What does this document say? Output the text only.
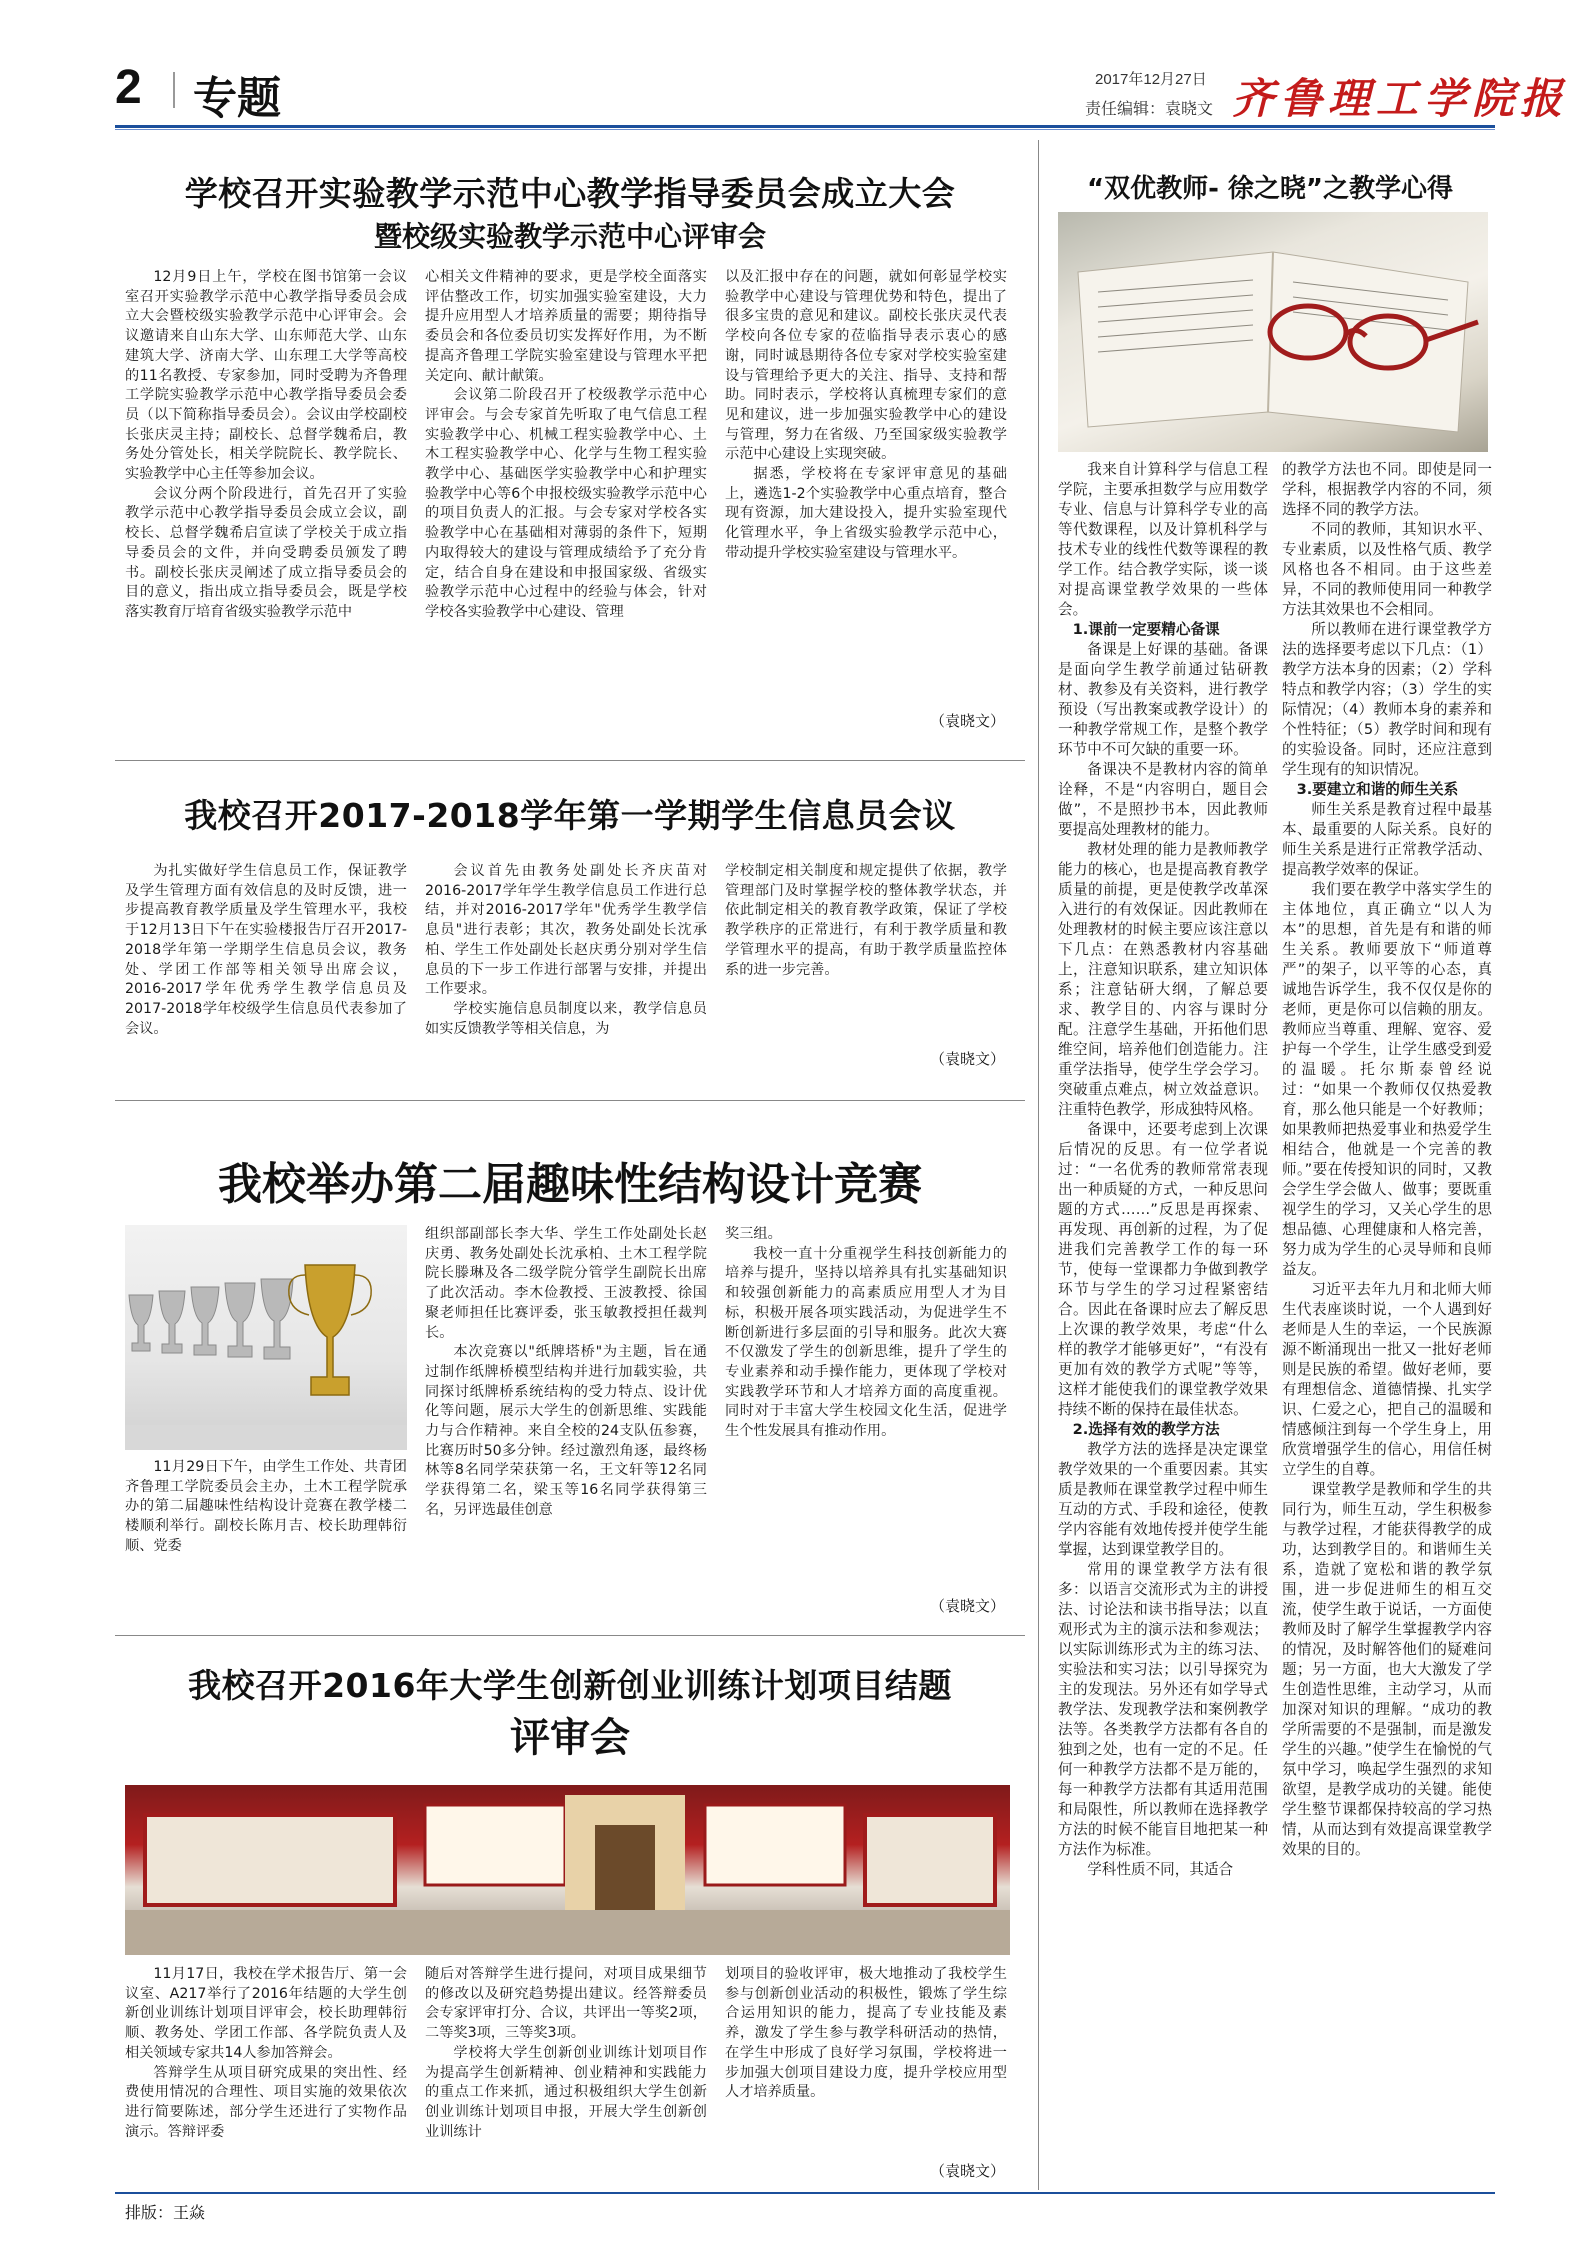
2 专题	2017年12月27日
责任编辑：袁晓文 齐鲁理工学院报
学校召开实验教学示范中心教学指导委员会成立大会
暨校级实验教学示范中心评审会

12月9日上午，学校在图书馆第一会议室召开实验教学示范中心教学指导委员会成立大会暨校级实验教学示范中心评审会。会议邀请来自山东大学、山东师范大学、山东建筑大学、济南大学、山东理工大学等高校的11名教授、专家参加，同时受聘为齐鲁理工学院实验教学示范中心教学指导委员会委员（以下简称指导委员会）。会议由学校副校长张庆灵主持；副校长、总督学魏希启，教务处分管处长，相关学院院长、教学院长、实验教学中心主任等参加会议。

会议分两个阶段进行，首先召开了实验教学示范中心教学指导委员会成立会议，副校长、总督学魏希启宣读了学校关于成立指导委员会的文件，并向受聘委员颁发了聘书。副校长张庆灵阐述了成立指导委员会的目的意义，指出成立指导委员会，既是学校落实教育厅培育省级实验教学示范中

心相关文件精神的要求，更是学校全面落实评估整改工作，切实加强实验室建设，大力提升应用型人才培养质量的需要；期待指导委员会和各位委员切实发挥好作用，为不断提高齐鲁理工学院实验室建设与管理水平把关定向、献计献策。

会议第二阶段召开了校级教学示范中心评审会。与会专家首先听取了电气信息工程实验教学中心、机械工程实验教学中心、土木工程实验教学中心、化学与生物工程实验教学中心、基础医学实验教学中心和护理实验教学中心等6个申报校级实验教学示范中心的项目负责人的汇报。与会专家对学校各实验教学中心在基础相对薄弱的条件下，短期内取得较大的建设与管理成绩给予了充分肯定，结合自身在建设和申报国家级、省级实验教学示范中心过程中的经验与体会，针对学校各实验教学中心建设、管理

以及汇报中存在的问题，就如何彰显学校实验教学中心建设与管理优势和特色，提出了很多宝贵的意见和建议。副校长张庆灵代表学校向各位专家的莅临指导表示衷心的感谢，同时诚恳期待各位专家对学校实验室建设与管理给予更大的关注、指导、支持和帮助。同时表示，学校将认真梳理专家们的意见和建议，进一步加强实验教学中心的建设与管理，努力在省级、乃至国家级实验教学示范中心建设上实现突破。

据悉，学校将在专家评审意见的基础上，遴选1-2个实验教学中心重点培育，整合现有资源，加大建设投入，提升实验室现代化管理水平，争上省级实验教学示范中心，带动提升学校实验室建设与管理水平。

（袁晓文）
我校召开2017-2018学年第一学期学生信息员会议

为扎实做好学生信息员工作，保证教学及学生管理方面有效信息的及时反馈，进一步提高教育教学质量及学生管理水平，我校于12月13日下午在实验楼报告厅召开2017-2018学年第一学期学生信息员会议，教务处、学团工作部等相关领导出席会议，2016-2017学年优秀学生教学信息员及2017-2018学年校级学生信息员代表参加了会议。

会议首先由教务处副处长齐庆苗对2016-2017学年学生教学信息员工作进行总结，并对2016-2017学年"优秀学生教学信息员"进行表彰；其次，教务处副处长沈承柏、学生工作处副处长赵庆勇分别对学生信息员的下一步工作进行部署与安排，并提出工作要求。

学校实施信息员制度以来，教学信息员如实反馈教学等相关信息，为

学校制定相关制度和规定提供了依据，教学管理部门及时掌握学校的整体教学状态，并依此制定相关的教育教学政策，保证了学校教学秩序的正常进行，有利于教学质量和教学管理水平的提高，有助于教学质量监控体系的进一步完善。

（袁晓文）
我校举办第二届趣味性结构设计竞赛

11月29日下午，由学生工作处、共青团齐鲁理工学院委员会主办，土木工程学院承办的第二届趣味性结构设计竞赛在教学楼二楼顺利举行。副校长陈月吉、校长助理韩衍顺、党委

组织部副部长李大华、学生工作处副处长赵庆勇、教务处副处长沈承柏、土木工程学院院长滕琳及各二级学院分管学生副院长出席了此次活动。李木俭教授、王波教授、徐国聚老师担任比赛评委，张玉敏教授担任裁判长。

本次竞赛以"纸牌塔桥"为主题，旨在通过制作纸牌桥模型结构并进行加载实验，共同探讨纸牌桥系统结构的受力特点、设计优化等问题，展示大学生的创新思维、实践能力与合作精神。来自全校的24支队伍参赛，比赛历时50多分钟。经过激烈角逐，最终杨林等8名同学荣获第一名，王文轩等12名同学获得第二名，梁玉等16名同学获得第三名，另评选最佳创意

奖三组。

我校一直十分重视学生科技创新能力的培养与提升，坚持以培养具有扎实基础知识和较强创新能力的高素质应用型人才为目标，积极开展各项实践活动，为促进学生不断创新进行多层面的引导和服务。此次大赛不仅激发了学生的创新思维，提升了学生的专业素养和动手操作能力，更体现了学校对实践教学环节和人才培养方面的高度重视。同时对于丰富大学生校园文化生活，促进学生个性发展具有推动作用。

（袁晓文）
我校召开2016年大学生创新创业训练计划项目结题
评审会

11月17日，我校在学术报告厅、第一会议室、A217举行了2016年结题的大学生创新创业训练计划项目评审会，校长助理韩衍顺、教务处、学团工作部、各学院负责人及相关领域专家共14人参加答辩会。

答辩学生从项目研究成果的突出性、经费使用情况的合理性、项目实施的效果依次进行简要陈述，部分学生还进行了实物作品演示。答辩评委

随后对答辩学生进行提问，对项目成果细节的修改以及研究趋势提出建议。经答辩委员会专家评审打分、合议，共评出一等奖2项，二等奖3项，三等奖3项。

学校将大学生创新创业训练计划项目作为提高学生创新精神、创业精神和实践能力的重点工作来抓，通过积极组织大学生创新创业训练计划项目申报，开展大学生创新创业训练计

划项目的验收评审，极大地推动了我校学生参与创新创业活动的积极性，锻炼了学生综合运用知识的能力，提高了专业技能及素养，激发了学生参与教学科研活动的热情，在学生中形成了良好学习氛围，学校将进一步加强大创项目建设力度，提升学校应用型人才培养质量。

（袁晓文）
“双优教师- 徐之晓”之教学心得

我来自计算科学与信息工程学院，主要承担数学与应用数学专业、信息与计算科学专业的高等代数课程，以及计算机科学与技术专业的线性代数等课程的教学工作。结合教学实际，谈一谈对提高课堂教学效果的一些体会。

1.课前一定要精心备课

备课是上好课的基础。备课是面向学生教学前通过钻研教材、教参及有关资料，进行教学预设（写出教案或教学设计）的一种教学常规工作，是整个教学环节中不可欠缺的重要一环。

备课决不是教材内容的简单诠释，不是“内容明白，题目会做”，不是照抄书本，因此教师要提高处理教材的能力。

教材处理的能力是教师教学能力的核心，也是提高教育教学质量的前提，更是使教学改革深入进行的有效保证。因此教师在处理教材的时候主要应该注意以下几点：在熟悉教材内容基础上，注意知识联系，建立知识体系；注意钻研大纲，了解总要求、教学目的、内容与课时分配。注意学生基础，开拓他们思维空间，培养他们创造能力。注重学法指导，使学生学会学习。突破重点难点，树立效益意识。注重特色教学，形成独特风格。

备课中，还要考虑到上次课后情况的反思。有一位学者说过：“一名优秀的教师常常表现出一种质疑的方式，一种反思问题的方式……”反思是再探索、再发现、再创新的过程，为了促进我们完善教学工作的每一环节，使每一堂课都力争做到教学环节与学生的学习过程紧密结合。因此在备课时应去了解反思上次课的教学效果，考虑“什么样的教学才能够更好”，“有没有更加有效的教学方式呢”等等，这样才能使我们的课堂教学效果持续不断的保持在最佳状态。

2.选择有效的教学方法

教学方法的选择是决定课堂教学效果的一个重要因素。其实质是教师在课堂教学过程中师生互动的方式、手段和途径，使教学内容能有效地传授并使学生能掌握，达到课堂教学目的。

常用的课堂教学方法有很多：以语言交流形式为主的讲授法、讨论法和读书指导法；以直观形式为主的演示法和参观法；以实际训练形式为主的练习法、实验法和实习法；以引导探究为主的发现法。另外还有如学导式教学法、发现教学法和案例教学法等。各类教学方法都有各自的独到之处，也有一定的不足。任何一种教学方法都不是万能的，每一种教学方法都有其适用范围和局限性，所以教师在选择教学方法的时候不能盲目地把某一种方法作为标准。

学科性质不同，其适合

的教学方法也不同。即使是同一学科，根据教学内容的不同，须选择不同的教学方法。

不同的教师，其知识水平、专业素质，以及性格气质、教学风格也各不相同。由于这些差异，不同的教师使用同一种教学方法其效果也不会相同。

所以教师在进行课堂教学方法的选择要考虑以下几点：（1）教学方法本身的因素；（2）学科特点和教学内容；（3）学生的实际情况；（4）教师本身的素养和个性特征；（5）教学时间和现有的实验设备。同时，还应注意到学生现有的知识情况。

3.要建立和谐的师生关系

师生关系是教育过程中最基本、最重要的人际关系。良好的师生关系是进行正常教学活动、提高教学效率的保证。

我们要在教学中落实学生的主体地位，真正确立“以人为本”的思想，首先是有和谐的师生关系。教师要放下“师道尊严”的架子，以平等的心态，真诚地告诉学生，我不仅仅是你的老师，更是你可以信赖的朋友。教师应当尊重、理解、宽容、爱护每一个学生，让学生感受到爱的温暖。托尔斯泰曾经说过：“如果一个教师仅仅热爱教育，那么他只能是一个好教师；如果教师把热爱事业和热爱学生相结合，他就是一个完善的教师。”要在传授知识的同时，又教会学生学会做人、做事；要既重视学生的学习，又关心学生的思想品德、心理健康和人格完善，努力成为学生的心灵导师和良师益友。

习近平去年九月和北师大师生代表座谈时说，一个人遇到好老师是人生的幸运，一个民族源源不断涌现出一批又一批好老师则是民族的希望。做好老师，要有理想信念、道德情操、扎实学识、仁爱之心，把自己的温暖和情感倾注到每一个学生身上，用欣赏增强学生的信心，用信任树立学生的自尊。

课堂教学是教师和学生的共同行为，师生互动，学生积极参与教学过程，才能获得教学的成功，达到教学目的。和谐师生关系，造就了宽松和谐的教学氛围，进一步促进师生的相互交流，使学生敢于说话，一方面使教师及时了解学生掌握教学内容的情况，及时解答他们的疑难问题；另一方面，也大大激发了学生创造性思维，主动学习，从而加深对知识的理解。“成功的教学所需要的不是强制，而是激发学生的兴趣。”使学生在愉悦的气氛中学习，唤起学生强烈的求知欲望，是教学成功的关键。能使学生整节课都保持较高的学习热情，从而达到有效提高课堂教学效果的目的。

排版：王焱
